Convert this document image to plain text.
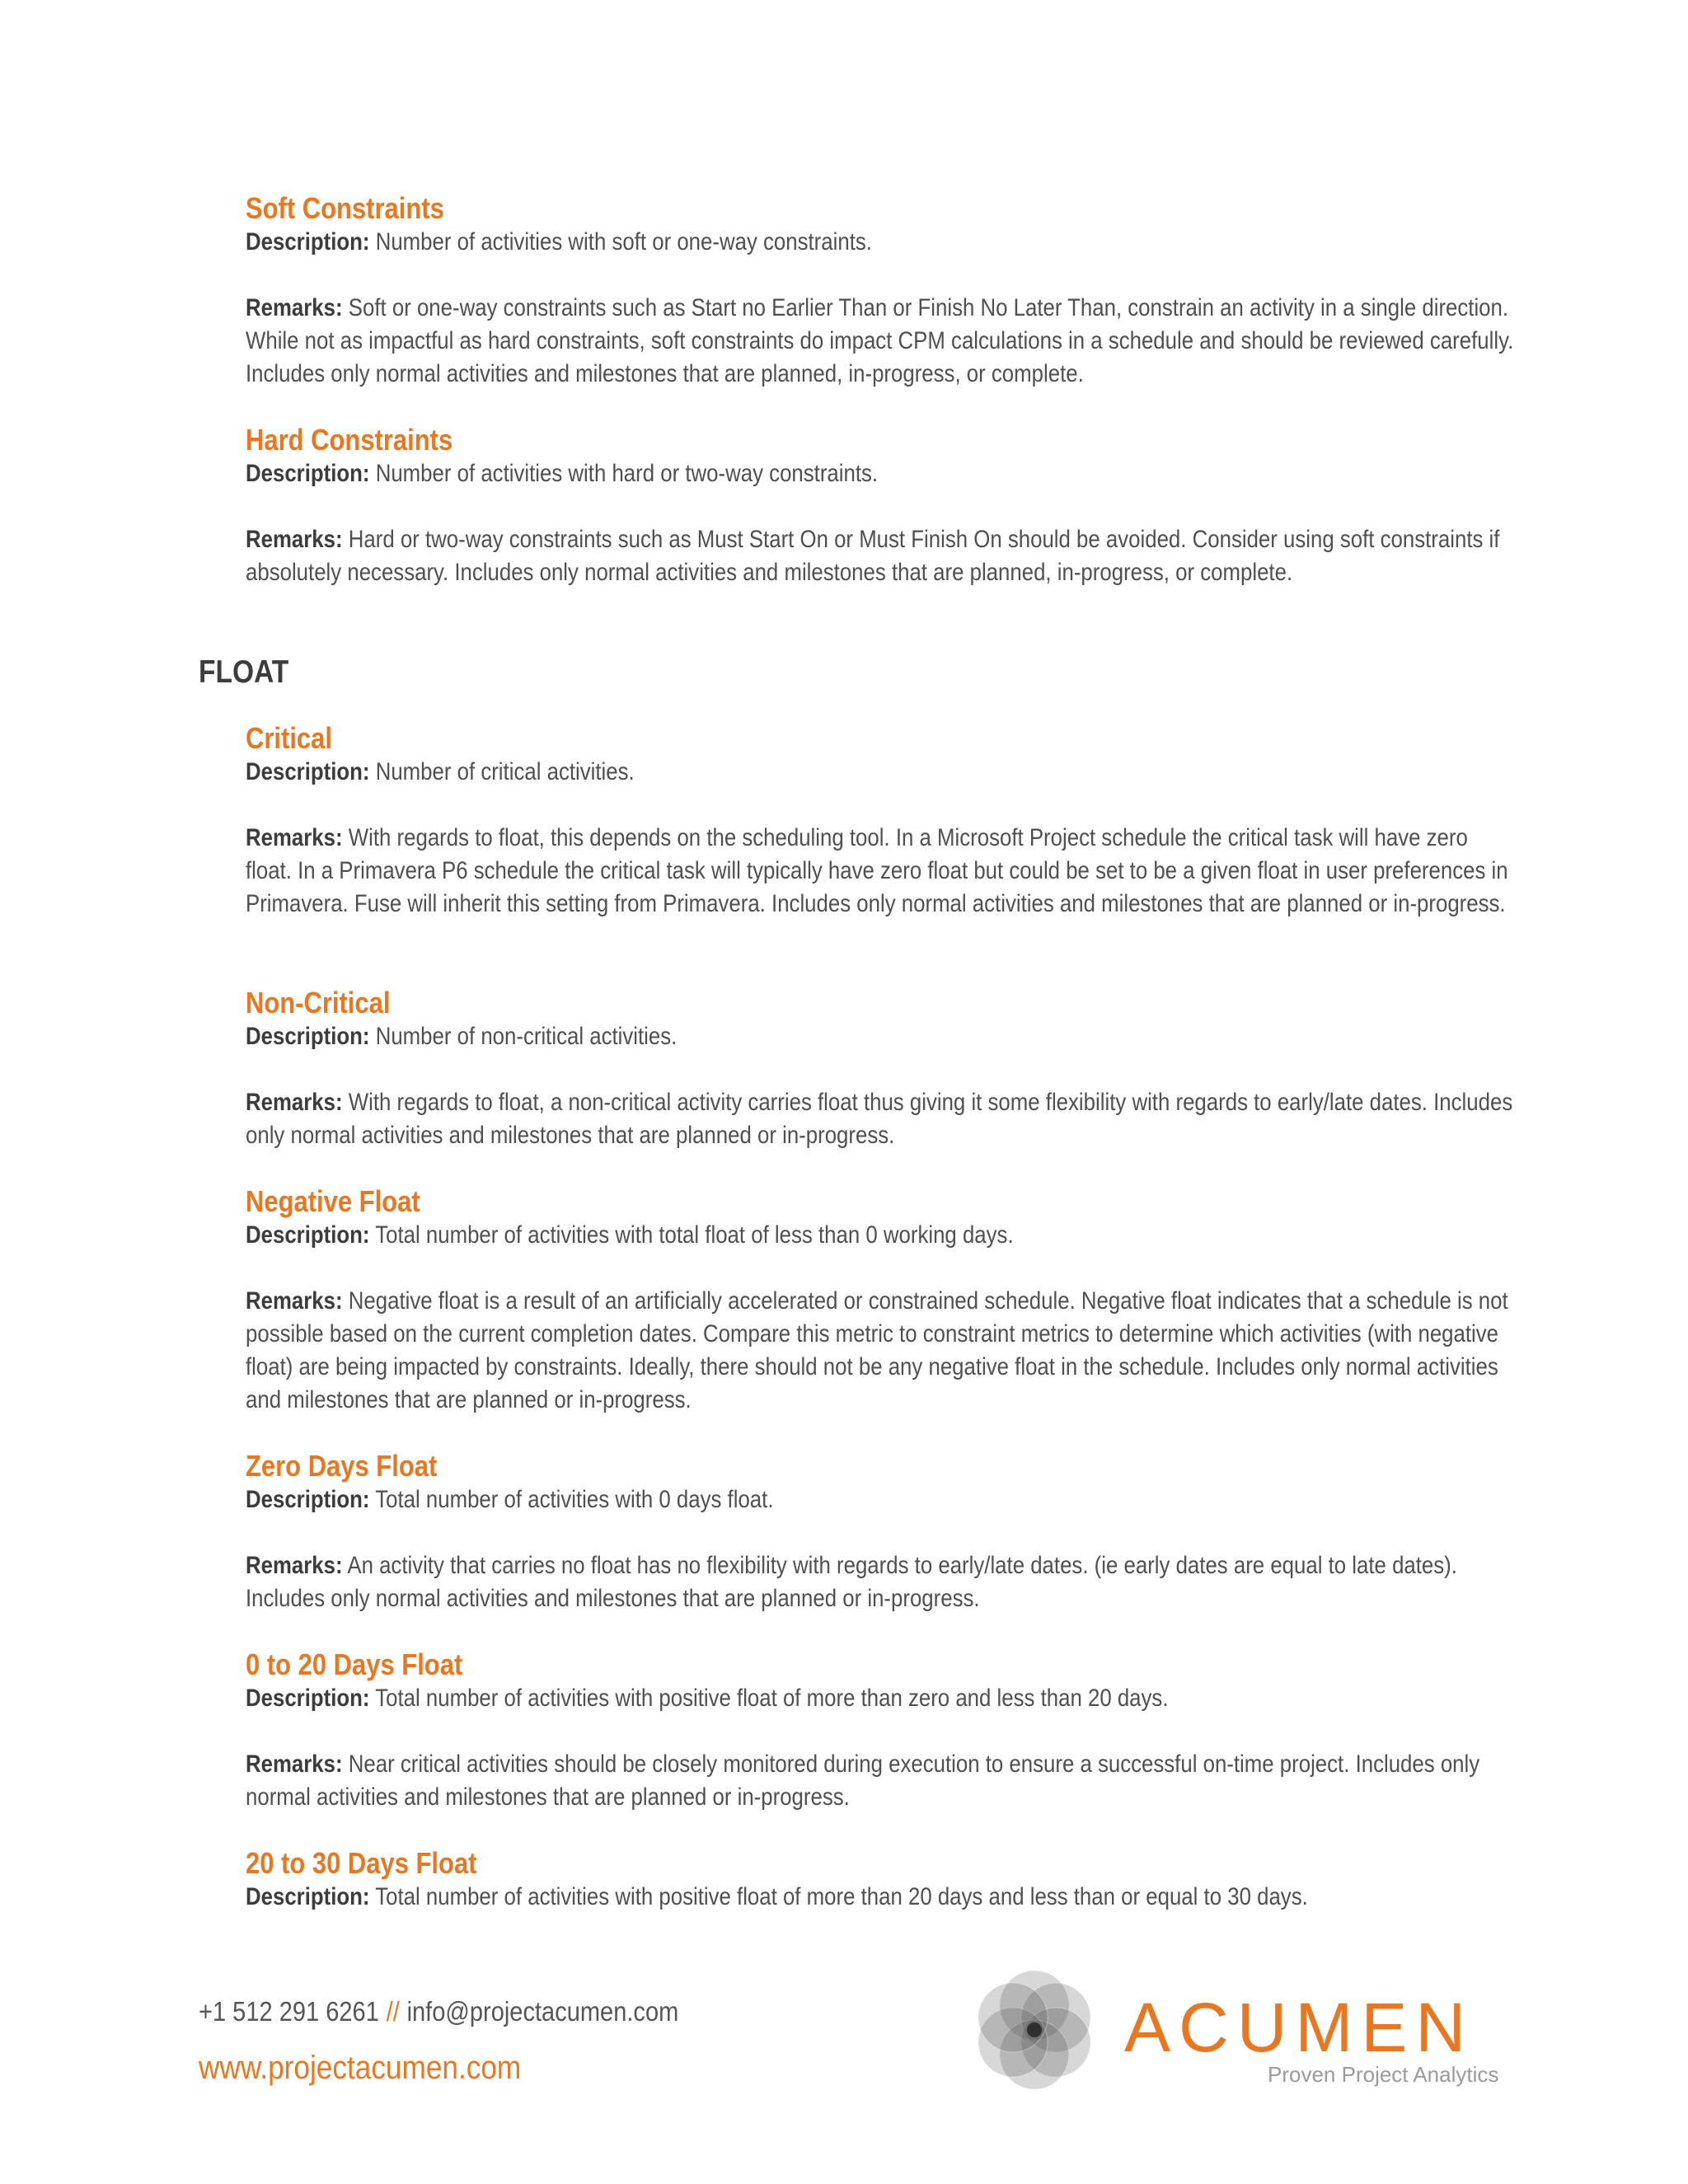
Soft Constraints
Description: Number of activities with soft or one-way constraints.
Remarks: Soft or one-way constraints such as Start no Earlier Than or Finish No Later Than, constrain an activity in a single direction. While not as impactful as hard constraints, soft constraints do impact CPM calculations in a schedule and should be reviewed carefully. Includes only normal activities and milestones that are planned, in-progress, or complete.
Hard Constraints
Description: Number of activities with hard or two-way constraints.
Remarks: Hard or two-way constraints such as Must Start On or Must Finish On should be avoided. Consider using soft constraints if absolutely necessary. Includes only normal activities and milestones that are planned, in-progress, or complete.
FLOAT
Critical
Description: Number of critical activities.
Remarks: With regards to float, this depends on the scheduling tool. In a Microsoft Project schedule the critical task will have zero float. In a Primavera P6 schedule the critical task will typically have zero float but could be set to be a given float in user preferences in Primavera. Fuse will inherit this setting from Primavera. Includes only normal activities and milestones that are planned or in-progress.
Non-Critical
Description: Number of non-critical activities.
Remarks: With regards to float, a non-critical activity carries float thus giving it some flexibility with regards to early/late dates. Includes only normal activities and milestones that are planned or in-progress.
Negative Float
Description: Total number of activities with total float of less than 0 working days.
Remarks: Negative float is a result of an artificially accelerated or constrained schedule. Negative float indicates that a schedule is not possible based on the current completion dates. Compare this metric to constraint metrics to determine which activities (with negative float) are being impacted by constraints. Ideally, there should not be any negative float in the schedule. Includes only normal activities and milestones that are planned or in-progress.
Zero Days Float
Description: Total number of activities with 0 days float.
Remarks: An activity that carries no float has no flexibility with regards to early/late dates. (ie early dates are equal to late dates). Includes only normal activities and milestones that are planned or in-progress.
0 to 20 Days Float
Description: Total number of activities with positive float of more than zero and less than 20 days.
Remarks: Near critical activities should be closely monitored during execution to ensure a successful on-time project. Includes only normal activities and milestones that are planned or in-progress.
20 to 30 Days Float
Description: Total number of activities with positive float of more than 20 days and less than or equal to 30 days.
+1 512 291 6261 // info@projectacumen.com
www.projectacumen.com
ACUMEN
Proven Project Analytics
